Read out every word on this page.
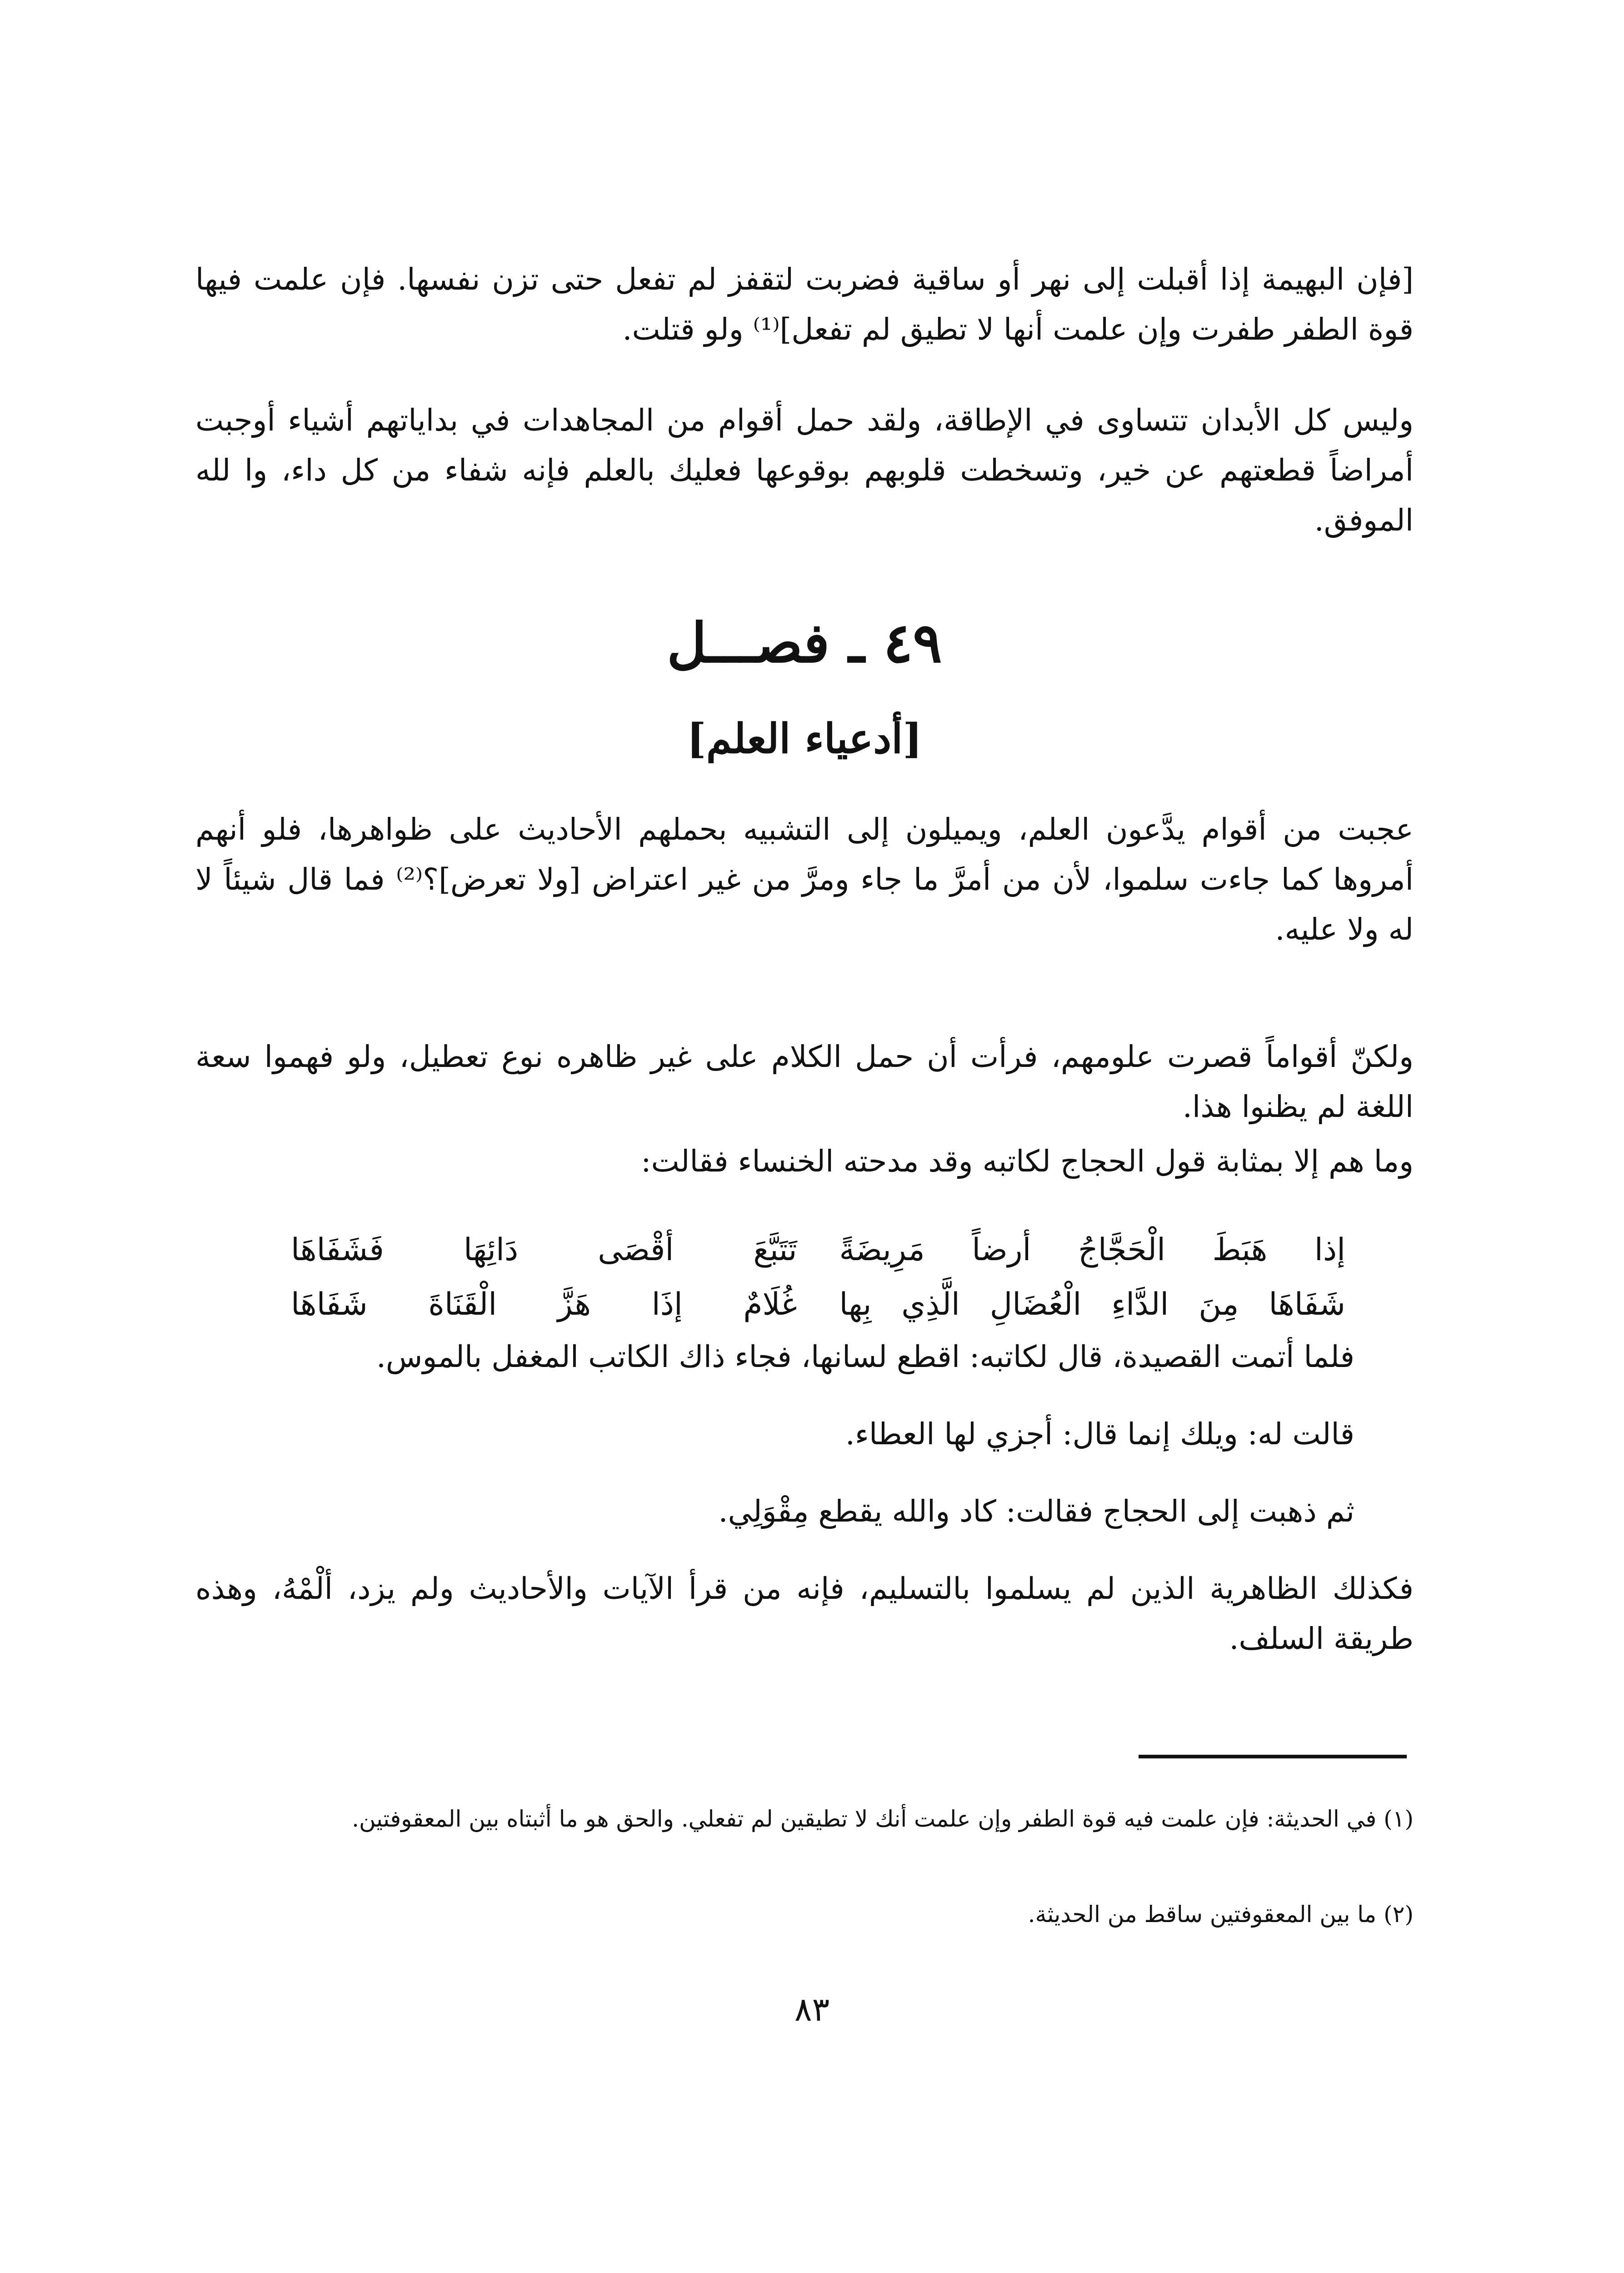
[فإن البهيمة إذا أقبلت إلى نهر أو ساقية فضربت لتقفز لم تفعل حتى تزن نفسها. فإن علمت فيها قوة الطفر طفرت وإن علمت أنها لا تطيق لم تفعل]⁽¹⁾ ولو قتلت.

وليس كل الأبدان تتساوى في الإطاقة، ولقد حمل أقوام من المجاهدات في بداياتهم أشياء أوجبت أمراضاً قطعتهم عن خير، وتسخطت قلوبهم بوقوعها فعليك بالعلم فإنه شفاء من كل داء، وا لله الموفق.

٤٩ ـ فصـــل
[أدعياء العلم]

عجبت من أقوام يدَّعون العلم، ويميلون إلى التشبيه بحملهم الأحاديث على ظواهرها، فلو أنهم أمروها كما جاءت سلموا، لأن من أمرَّ ما جاء ومرَّ من غير اعتراض [ولا تعرض]؟⁽²⁾ فما قال شيئاً لا له ولا عليه.

ولكنّ أقواماً قصرت علومهم، فرأت أن حمل الكلام على غير ظاهره نوع تعطيل، ولو فهموا سعة اللغة لم يظنوا هذا.

وما هم إلا بمثابة قول الحجاج لكاتبه وقد مدحته الخنساء فقالت:

إذا هَبَطَ الْحَجَّاجُ أرضاً مَرِيضَةً
تَتَبَّعَ أقْصَى دَائِهَا فَشَفَاهَا
شَفَاهَا مِنَ الدَّاءِ الْعُضَالِ الَّذِي بِها
غُلَامٌ إذَا هَزَّ الْقَنَاةَ شَفَاهَا
فلما أتمت القصيدة، قال لكاتبه: اقطع لسانها، فجاء ذاك الكاتب المغفل بالموس.
قالت له: ويلك إنما قال: أجزي لها العطاء.
ثم ذهبت إلى الحجاج فقالت: كاد والله يقطع مِقْوَلِي.

فكذلك الظاهرية الذين لم يسلموا بالتسليم، فإنه من قرأ الآيات والأحاديث ولم يزد، ألْمْهُ، وهذه طريقة السلف.

(١) في الحديثة: فإن علمت فيه قوة الطفر وإن علمت أنك لا تطيقين لم تفعلي. والحق هو ما أثبتاه بين المعقوفتين.

(٢) ما بين المعقوفتين ساقط من الحديثة.

٨٣
